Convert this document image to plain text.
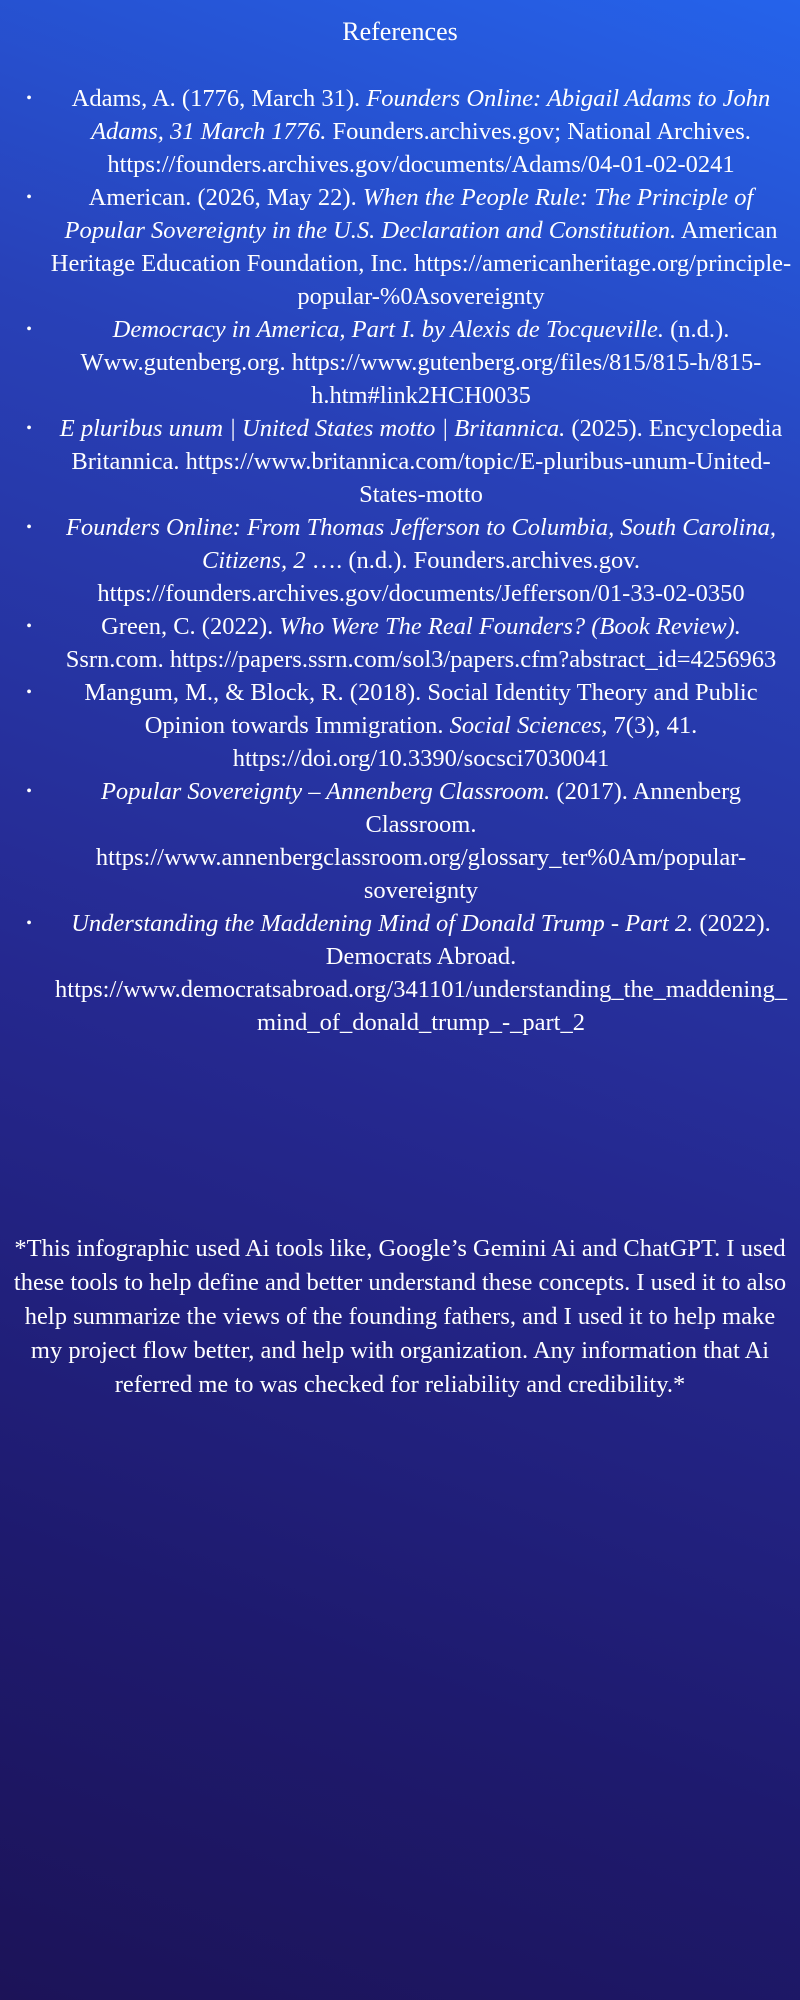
References
• Adams, A. (1776, March 31). Founders Online: Abigail Adams to John Adams, 31 March 1776. Founders.archives.gov; National Archives. https://founders.archives.gov/documents/Adams/04-01-02-0241
• American. (2026, May 22). When the People Rule: The Principle of Popular Sovereignty in the U.S. Declaration and Constitution. American Heritage Education Foundation, Inc. https://americanheritage.org/principle-popular-%0Asovereignty
•	Democracy in America, Part I. by Alexis de Tocqueville. (n.d.). Www.gutenberg.org. https://www.gutenberg.org/files/815/815-h/815-h.htm#link2HCH0035
• E pluribus unum | United States motto | Britannica. (2025). Encyclopedia Britannica. https://www.britannica.com/topic/E-pluribus-unum-United-States-motto
• Founders Online: From Thomas Jefferson to Columbia, South Carolina, Citizens, 2 …. (n.d.). Founders.archives.gov. https://founders.archives.gov/documents/Jefferson/01-33-02-0350
•	Green, C. (2022). Who Were The Real Founders? (Book Review). Ssrn.com. https://papers.ssrn.com/sol3/papers.cfm?abstract_id=4256963
• Mangum, M., & Block, R. (2018). Social Identity Theory and Public Opinion towards Immigration. Social Sciences, 7(3), 41. https://doi.org/10.3390/socsci7030041
•	Popular Sovereignty – Annenberg Classroom. (2017). Annenberg Classroom. https://www.annenbergclassroom.org/glossary_ter%0Am/popular-sovereignty
• Understanding the Maddening Mind of Donald Trump - Part 2. (2022). Democrats Abroad. https://www.democratsabroad.org/341101/understanding_the_maddening_mind_of_donald_trump_-_part_2
*This infographic used Ai tools like, Google’s Gemini Ai and ChatGPT. I used these tools to help define and better understand these concepts. I used it to also help summarize the views of the founding fathers, and I used it to help make my project flow better, and help with organization. Any information that Ai referred me to was checked for reliability and credibility.*
